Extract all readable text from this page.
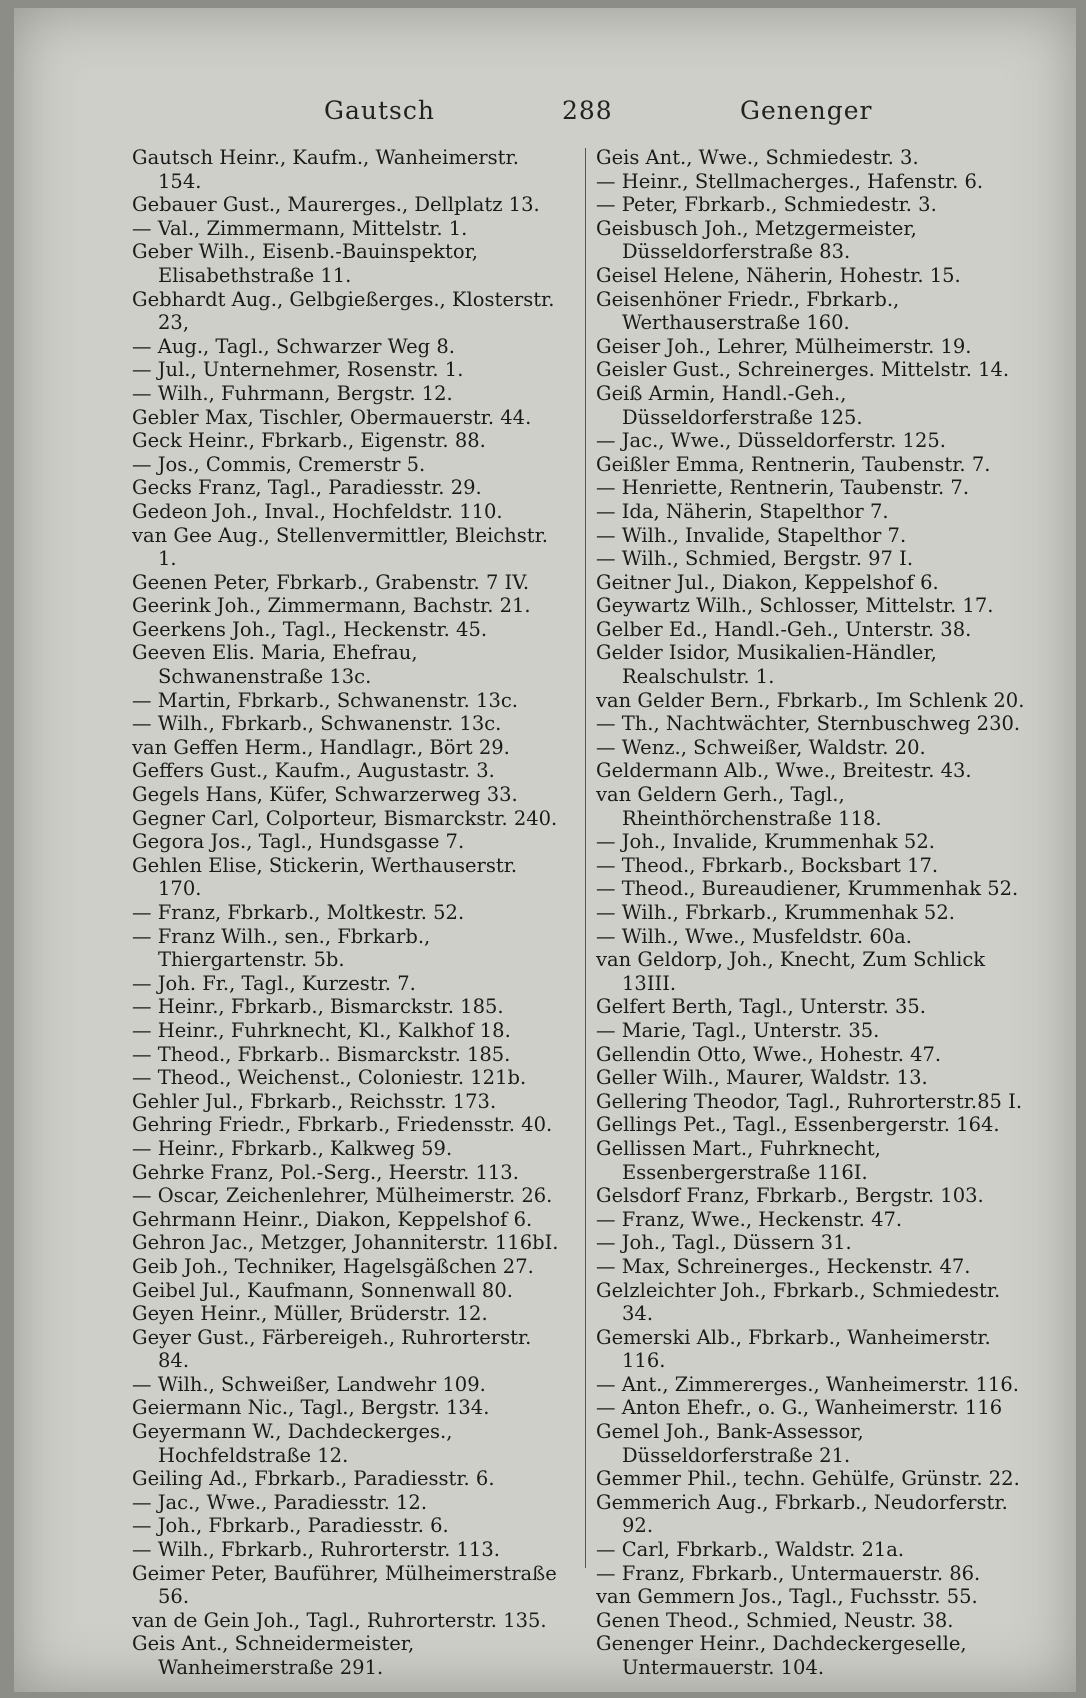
Gautsch	288	Genenger

Gautsch Heinr., Kaufm., Wanheimerstr. 154.

Gebauer Gust., Maurerges., Dellplatz 13.

— Val., Zimmermann, Mittelstr. 1.

Geber Wilh., Eisenb.-Bauinspektor, Elisabethstraße 11.

Gebhardt Aug., Gelbgießerges., Klosterstr. 23,

— Aug., Tagl., Schwarzer Weg 8.

— Jul., Unternehmer, Rosenstr. 1.

— Wilh., Fuhrmann, Bergstr. 12.

Gebler Max, Tischler, Obermauerstr. 44.

Geck Heinr., Fbrkarb., Eigenstr. 88.

— Jos., Commis, Cremerstr 5.

Gecks Franz, Tagl., Paradiesstr. 29.

Gedeon Joh., Inval., Hochfeldstr. 110.

van Gee Aug., Stellenvermittler, Bleichstr. 1.

Geenen Peter, Fbrkarb., Grabenstr. 7 IV.

Geerink Joh., Zimmermann, Bachstr. 21.

Geerkens Joh., Tagl., Heckenstr. 45.

Geeven Elis. Maria, Ehefrau, Schwanenstraße 13c.

— Martin, Fbrkarb., Schwanenstr. 13c.

— Wilh., Fbrkarb., Schwanenstr. 13c.

van Geffen Herm., Handlagr., Bört 29.

Geffers Gust., Kaufm., Augustastr. 3.

Gegels Hans, Küfer, Schwarzerweg 33.

Gegner Carl, Colporteur, Bismarckstr. 240.

Gegora Jos., Tagl., Hundsgasse 7.

Gehlen Elise, Stickerin, Werthauserstr. 170.

— Franz, Fbrkarb., Moltkestr. 52.

— Franz Wilh., sen., Fbrkarb., Thiergartenstr. 5b.

— Joh. Fr., Tagl., Kurzestr. 7.

— Heinr., Fbrkarb., Bismarckstr. 185.

— Heinr., Fuhrknecht, Kl., Kalkhof 18.

— Theod., Fbrkarb.. Bismarckstr. 185.

— Theod., Weichenst., Coloniestr. 121b.

Gehler Jul., Fbrkarb., Reichsstr. 173.

Gehring Friedr., Fbrkarb., Friedensstr. 40.

— Heinr., Fbrkarb., Kalkweg 59.

Gehrke Franz, Pol.-Serg., Heerstr. 113.

— Oscar, Zeichenlehrer, Mülheimerstr. 26.

Gehrmann Heinr., Diakon, Keppelshof 6.

Gehron Jac., Metzger, Johanniterstr. 116bI.

Geib Joh., Techniker, Hagelsgäßchen 27.

Geibel Jul., Kaufmann, Sonnenwall 80.

Geyen Heinr., Müller, Brüderstr. 12.

Geyer Gust., Färbereigeh., Ruhrorterstr. 84.

— Wilh., Schweißer, Landwehr 109.

Geiermann Nic., Tagl., Bergstr. 134.

Geyermann W., Dachdeckerges., Hochfeldstraße 12.

Geiling Ad., Fbrkarb., Paradiesstr. 6.

— Jac., Wwe., Paradiesstr. 12.

— Joh., Fbrkarb., Paradiesstr. 6.

— Wilh., Fbrkarb., Ruhrorterstr. 113.

Geimer Peter, Bauführer, Mülheimerstraße 56.

van de Gein Joh., Tagl., Ruhrorterstr. 135.

Geis Ant., Schneidermeister, Wanheimerstraße 291.

Geis Ant., Wwe., Schmiedestr. 3.

— Heinr., Stellmacherges., Hafenstr. 6.

— Peter, Fbrkarb., Schmiedestr. 3.

Geisbusch Joh., Metzgermeister, Düsseldorferstraße 83.

Geisel Helene, Näherin, Hohestr. 15.

Geisenhöner Friedr., Fbrkarb., Werthauserstraße 160.

Geiser Joh., Lehrer, Mülheimerstr. 19.

Geisler Gust., Schreinerges. Mittelstr. 14.

Geiß Armin, Handl.-Geh., Düsseldorferstraße 125.

— Jac., Wwe., Düsseldorferstr. 125.

Geißler Emma, Rentnerin, Taubenstr. 7.

— Henriette, Rentnerin, Taubenstr. 7.

— Ida, Näherin, Stapelthor 7.

— Wilh., Invalide, Stapelthor 7.

— Wilh., Schmied, Bergstr. 97 I.

Geitner Jul., Diakon, Keppelshof 6.

Geywartz Wilh., Schlosser, Mittelstr. 17.

Gelber Ed., Handl.-Geh., Unterstr. 38.

Gelder Isidor, Musikalien-Händler, Realschulstr. 1.

van Gelder Bern., Fbrkarb., Im Schlenk 20.

— Th., Nachtwächter, Sternbuschweg 230.

— Wenz., Schweißer, Waldstr. 20.

Geldermann Alb., Wwe., Breitestr. 43.

van Geldern Gerh., Tagl., Rheinthörchenstraße 118.

— Joh., Invalide, Krummenhak 52.

— Theod., Fbrkarb., Bocksbart 17.

— Theod., Bureaudiener, Krummenhak 52.

— Wilh., Fbrkarb., Krummenhak 52.

— Wilh., Wwe., Musfeldstr. 60a.

van Geldorp, Joh., Knecht, Zum Schlick 13III.

Gelfert Berth, Tagl., Unterstr. 35.

— Marie, Tagl., Unterstr. 35.

Gellendin Otto, Wwe., Hohestr. 47.

Geller Wilh., Maurer, Waldstr. 13.

Gellering Theodor, Tagl., Ruhrorterstr.85 I.

Gellings Pet., Tagl., Essenbergerstr. 164.

Gellissen Mart., Fuhrknecht, Essenbergerstraße 116I.

Gelsdorf Franz, Fbrkarb., Bergstr. 103.

— Franz, Wwe., Heckenstr. 47.

— Joh., Tagl., Düssern 31.

— Max, Schreinerges., Heckenstr. 47.

Gelzleichter Joh., Fbrkarb., Schmiedestr. 34.

Gemerski Alb., Fbrkarb., Wanheimerstr. 116.

— Ant., Zimmererges., Wanheimerstr. 116.

— Anton Ehefr., o. G., Wanheimerstr. 116

Gemel Joh., Bank-Assessor, Düsseldorferstraße 21.

Gemmer Phil., techn. Gehülfe, Grünstr. 22.

Gemmerich Aug., Fbrkarb., Neudorferstr. 92.

— Carl, Fbrkarb., Waldstr. 21a.

— Franz, Fbrkarb., Untermauerstr. 86.

van Gemmern Jos., Tagl., Fuchsstr. 55.

Genen Theod., Schmied, Neustr. 38.

Genenger Heinr., Dachdeckergeselle, Untermauerstr. 104.
